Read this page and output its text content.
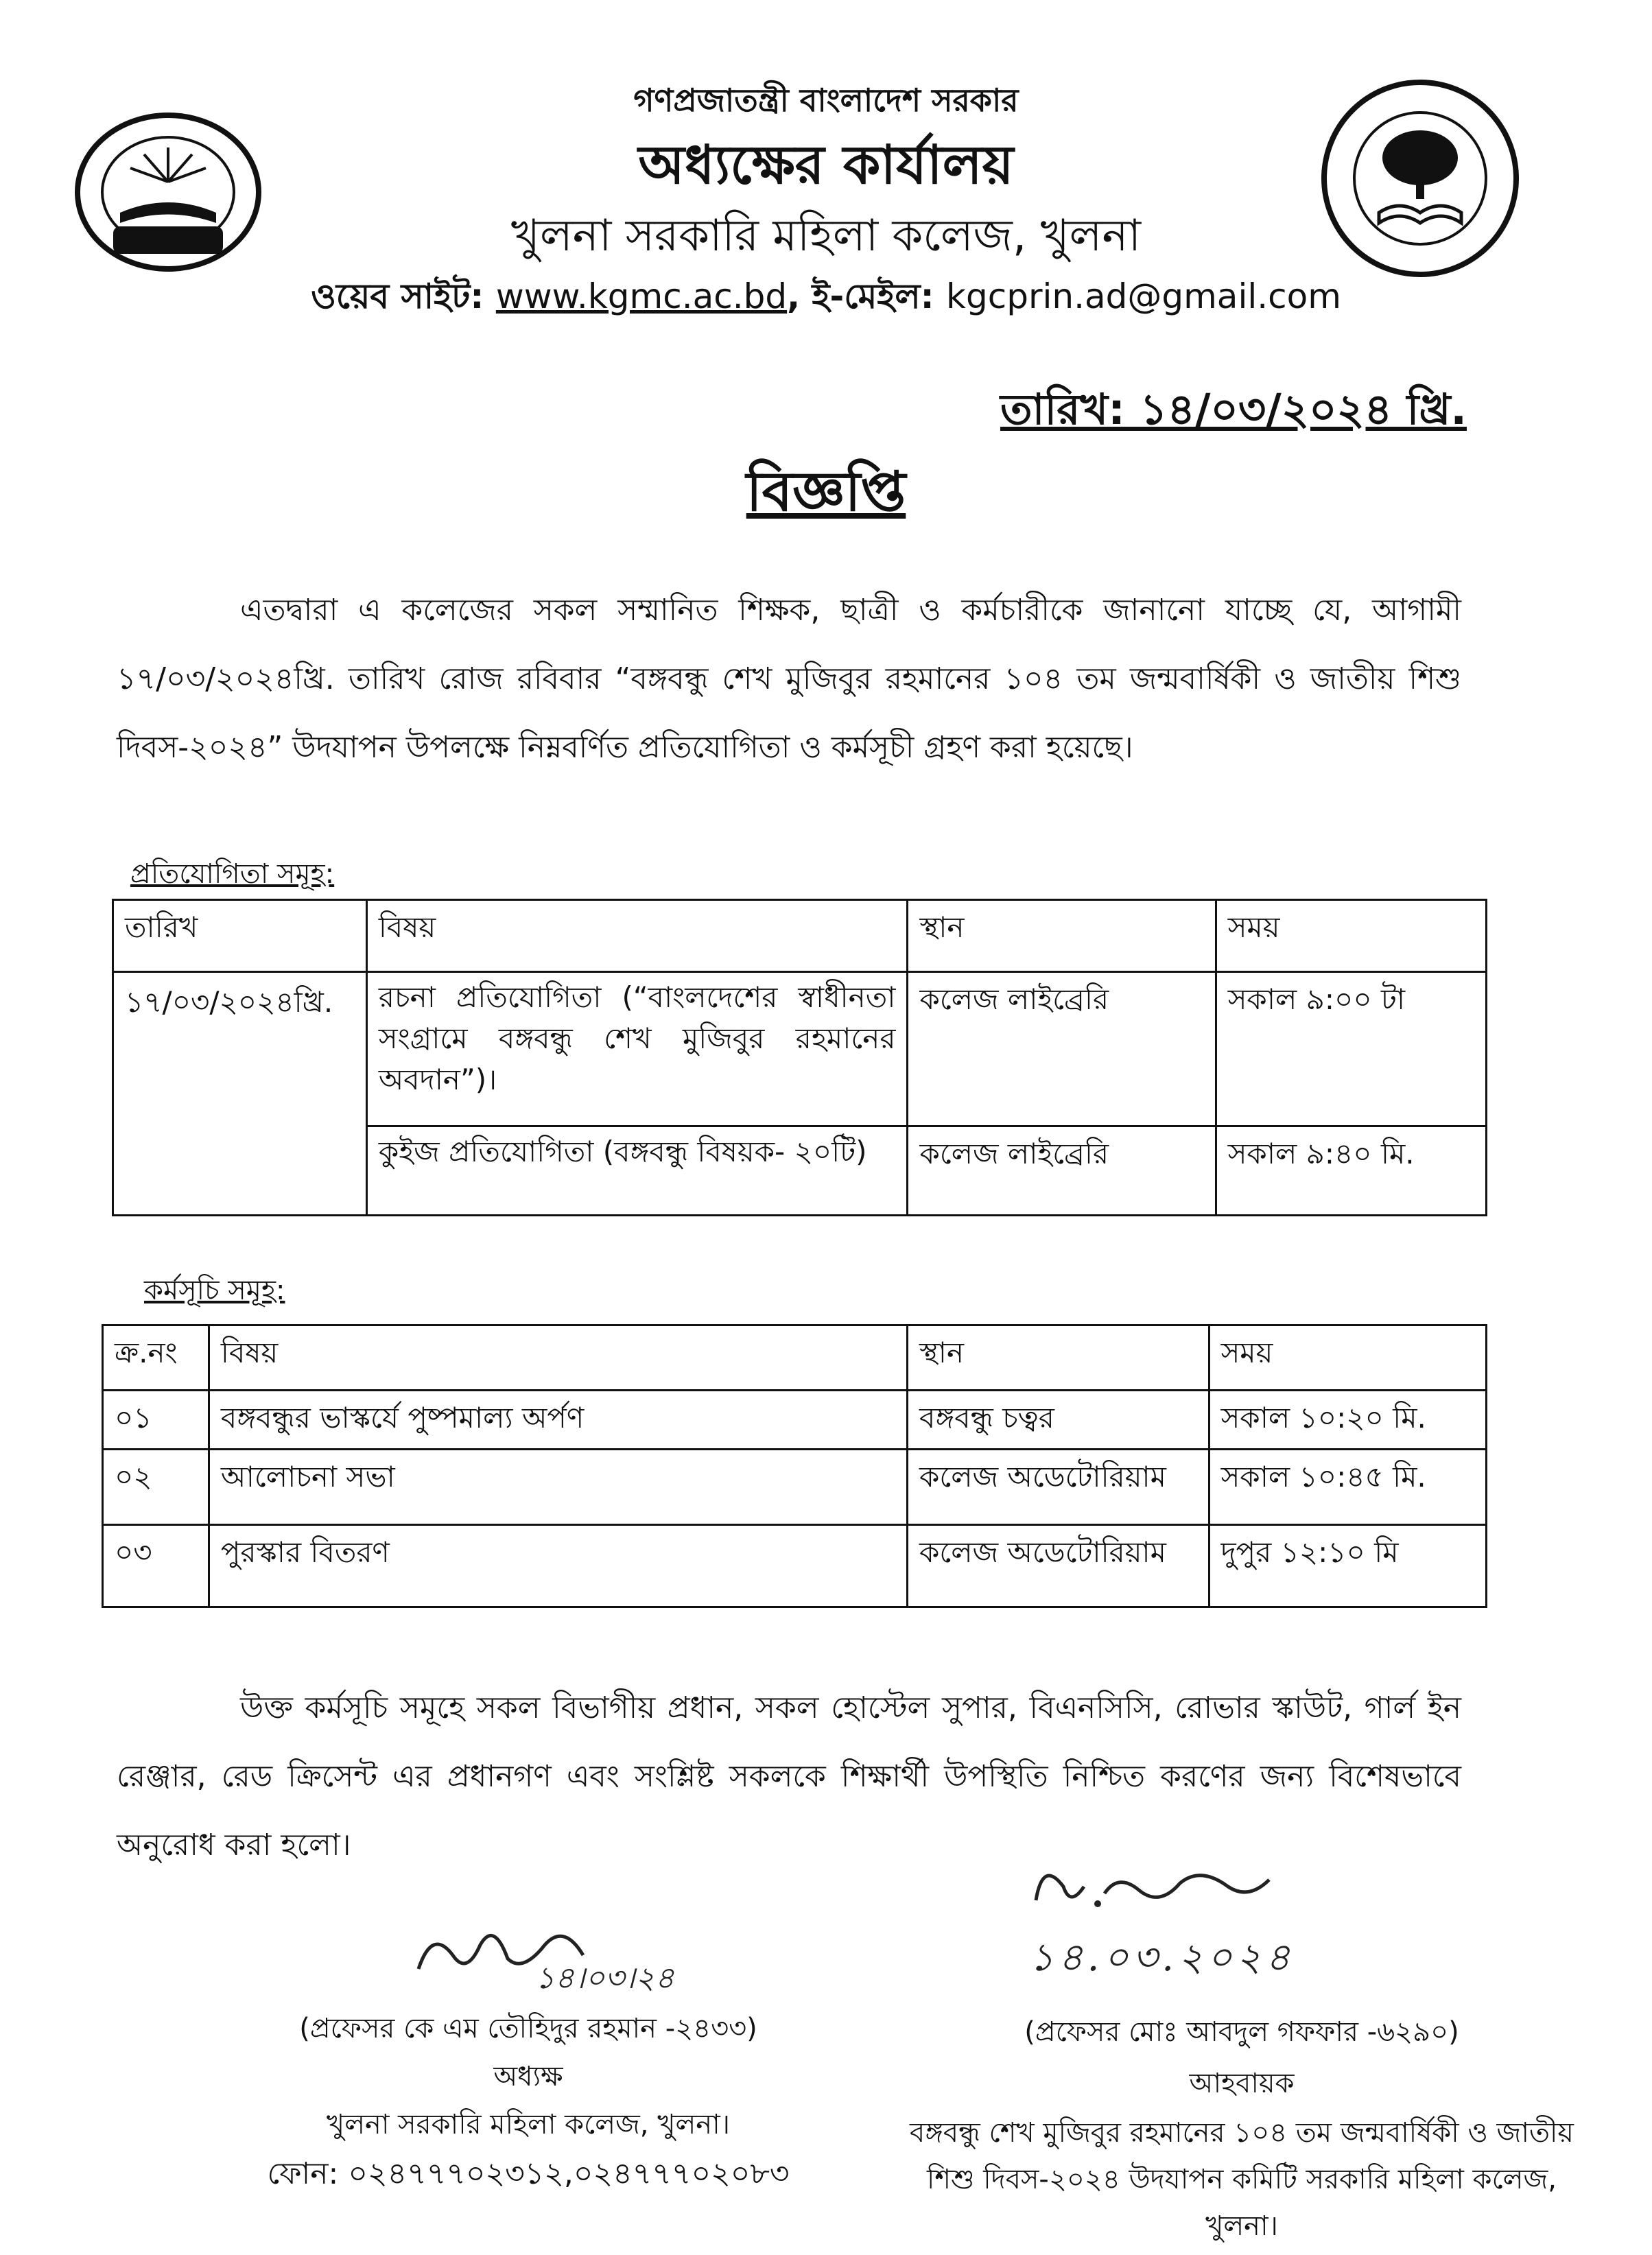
গণপ্রজাতন্ত্রী বাংলাদেশ সরকার
অধ্যক্ষের কার্যালয়
খুলনা সরকারি মহিলা কলেজ, খুলনা
ওয়েব সাইট: www.kgmc.ac.bd, ই-মেইল: kgcprin.ad@gmail.com
তারিখ: ১৪/০৩/২০২৪ খ্রি.
বিজ্ঞপ্তি
এতদ্বারা এ কলেজের সকল সম্মানিত শিক্ষক, ছাত্রী ও কর্মচারীকে জানানো যাচ্ছে যে, আগামী ১৭/০৩/২০২৪খ্রি. তারিখ রোজ রবিবার “বঙ্গবন্ধু শেখ মুজিবুর রহমানের ১০৪ তম জন্মবার্ষিকী ও জাতীয় শিশু দিবস-২০২৪” উদযাপন উপলক্ষে নিম্নবর্ণিত প্রতিযোগিতা ও কর্মসূচী গ্রহণ করা হয়েছে।
প্রতিযোগিতা সমূহ:
তারিখ	বিষয়	স্থান	সময়
১৭/০৩/২০২৪খ্রি.	রচনা প্রতিযোগিতা (“বাংলদেশের স্বাধীনতা সংগ্রামে বঙ্গবন্ধু শেখ মুজিবুর রহমানের অবদান”)।	কলেজ লাইব্রেরি	সকাল ৯:০০ টা
	কুইজ প্রতিযোগিতা (বঙ্গবন্ধু বিষয়ক- ২০টি)	কলেজ লাইব্রেরি	সকাল ৯:৪০ মি.
কর্মসূচি সমূহ:
ক্র.নং	বিষয়	স্থান	সময়
০১	বঙ্গবন্ধুর ভাস্কর্যে পুষ্পমাল্য অর্পণ	বঙ্গবন্ধু চত্বর	সকাল ১০:২০ মি.
০২	আলোচনা সভা	কলেজ অডেটোরিয়াম	সকাল ১০:৪৫ মি.
০৩	পুরস্কার বিতরণ	কলেজ অডেটোরিয়াম	দুপুর ১২:১০ মি
উক্ত কর্মসূচি সমূহে সকল বিভাগীয় প্রধান, সকল হোস্টেল সুপার, বিএনসিসি, রোভার স্কাউট, গার্ল ইন রেঞ্জার, রেড ক্রিসেন্ট এর প্রধানগণ এবং সংশ্লিষ্ট সকলকে শিক্ষার্থী উপস্থিতি নিশ্চিত করণের জন্য বিশেষভাবে অনুরোধ করা হলো।
১৪।০৩।২৪
(প্রফেসর কে এম তৌহিদুর রহমান -২৪৩৩)
অধ্যক্ষ
খুলনা সরকারি মহিলা কলেজ, খুলনা।
ফোন: ০২৪৭৭৭০২৩১২,০২৪৭৭৭০২০৮৩
১৪.০৩.২০২৪
(প্রফেসর মোঃ আবদুল গফফার -৬২৯০)
আহবায়ক
বঙ্গবন্ধু শেখ মুজিবুর রহমানের ১০৪ তম জন্মবার্ষিকী ও জাতীয় শিশু দিবস-২০২৪ উদযাপন কমিটি সরকারি মহিলা কলেজ, খুলনা।
